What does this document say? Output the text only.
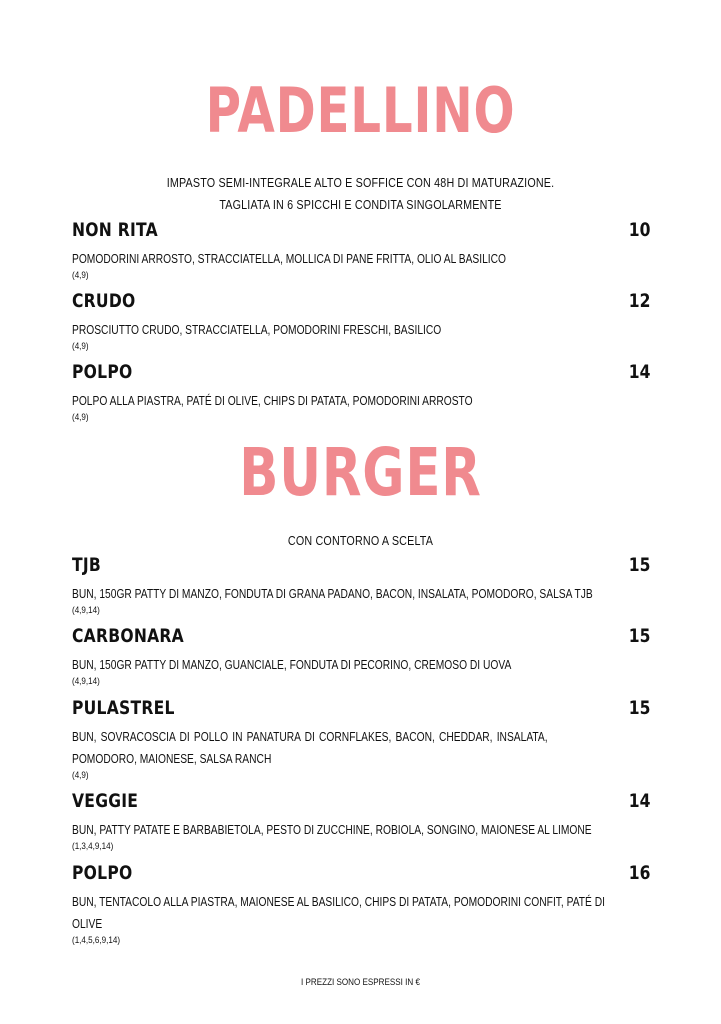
PADELLINO
IMPASTO SEMI-INTEGRALE ALTO E SOFFICE CON 48H DI MATURAZIONE.
TAGLIATA IN 6 SPICCHI E CONDITA SINGOLARMENTE
NON RITA	10
POMODORINI ARROSTO, STRACCIATELLA, MOLLICA DI PANE FRITTA, OLIO AL BASILICO
(4,9)
CRUDO	12
PROSCIUTTO CRUDO, STRACCIATELLA, POMODORINI FRESCHI, BASILICO
(4,9)
POLPO	14
POLPO ALLA PIASTRA, PATÉ DI OLIVE, CHIPS DI PATATA, POMODORINI ARROSTO
(4,9)
BURGER
CON CONTORNO A SCELTA
TJB	15
BUN, 150GR PATTY DI MANZO, FONDUTA DI GRANA PADANO, BACON, INSALATA, POMODORO, SALSA TJB
(4,9,14)
CARBONARA	15
BUN, 150GR PATTY DI MANZO, GUANCIALE, FONDUTA DI PECORINO, CREMOSO DI UOVA
(4,9,14)
PULASTREL	15
BUN, SOVRACOSCIA DI POLLO IN PANATURA DI CORNFLAKES, BACON, CHEDDAR, INSALATA, POMODORO, MAIONESE, SALSA RANCH
(4,9)
VEGGIE	14
BUN, PATTY PATATE E BARBABIETOLA, PESTO DI ZUCCHINE, ROBIOLA, SONGINO, MAIONESE AL LIMONE
(1,3,4,9,14)
POLPO	16
BUN, TENTACOLO ALLA PIASTRA, MAIONESE AL BASILICO, CHIPS DI PATATA, POMODORINI CONFIT, PATÉ DI OLIVE
(1,4,5,6,9,14)
I PREZZI SONO ESPRESSI IN €
